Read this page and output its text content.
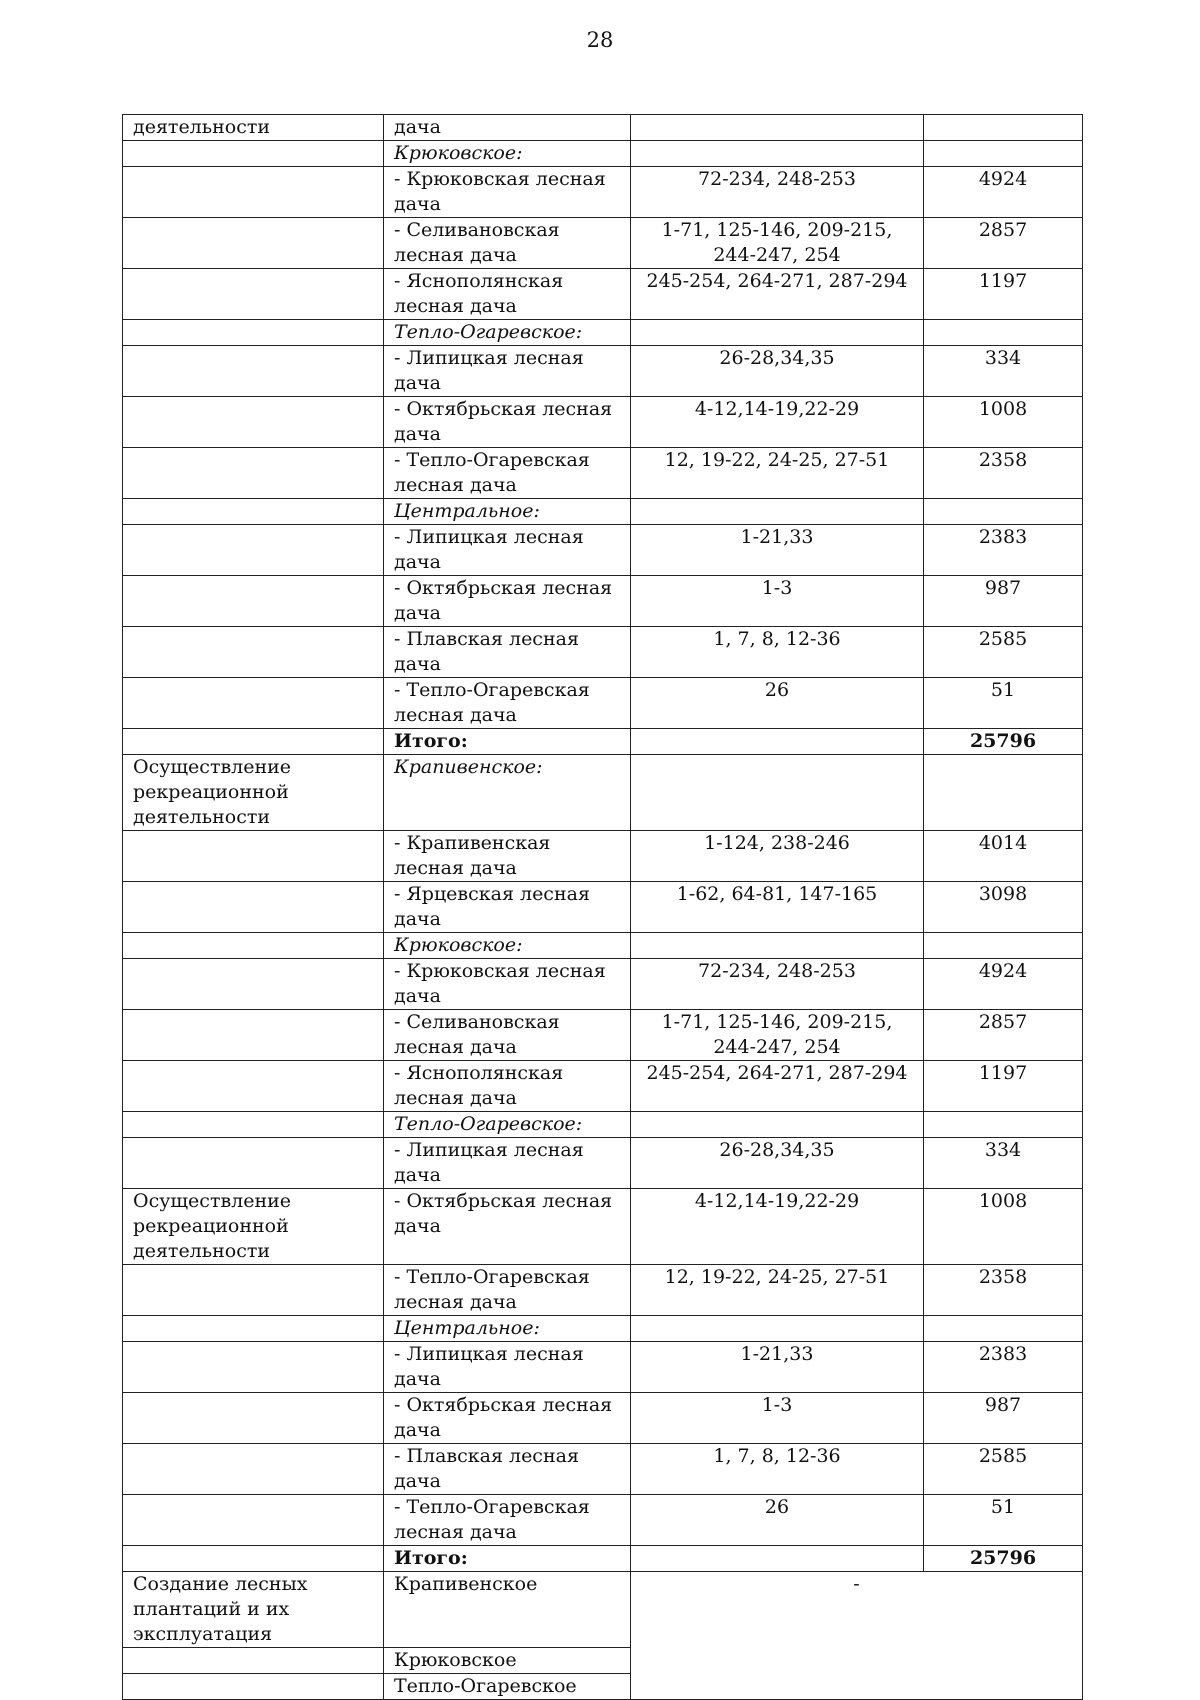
28
деятельности	дача		
	Крюковское:		
	- Крюковская лесная дача	72-234, 248-253	4924
	- Селивановская лесная дача	1-71, 125-146, 209-215, 244-247, 254	2857
	- Яснополянская лесная дача	245-254, 264-271, 287-294	1197
	Тепло-Огаревское:		
	- Липицкая лесная дача	26-28,34,35	334
	- Октябрьская лесная дача	4-12,14-19,22-29	1008
	- Тепло-Огаревская лесная дача	12, 19-22, 24-25, 27-51	2358
	Центральное:		
	- Липицкая лесная дача	1-21,33	2383
	- Октябрьская лесная дача	1-3	987
	- Плавская лесная дача	1, 7, 8, 12-36	2585
	- Тепло-Огаревская лесная дача	26	51
	Итого:		25796
Осуществление рекреационной деятельности	Крапивенское:		
	- Крапивенская лесная дача	1-124, 238-246	4014
	- Ярцевская лесная дача	1-62, 64-81, 147-165	3098
	Крюковское:		
	- Крюковская лесная дача	72-234, 248-253	4924
	- Селивановская лесная дача	1-71, 125-146, 209-215, 244-247, 254	2857
	- Яснополянская лесная дача	245-254, 264-271, 287-294	1197
	Тепло-Огаревское:		
	- Липицкая лесная дача	26-28,34,35	334
Осуществление рекреационной деятельности	- Октябрьская лесная дача	4-12,14-19,22-29	1008
	- Тепло-Огаревская лесная дача	12, 19-22, 24-25, 27-51	2358
	Центральное:		
	- Липицкая лесная дача	1-21,33	2383
	- Октябрьская лесная дача	1-3	987
	- Плавская лесная дача	1, 7, 8, 12-36	2585
	- Тепло-Огаревская лесная дача	26	51
	Итого:		25796
Создание лесных плантаций и их эксплуатация	Крапивенское	-	
	Крюковское		
	Тепло-Огаревское		
